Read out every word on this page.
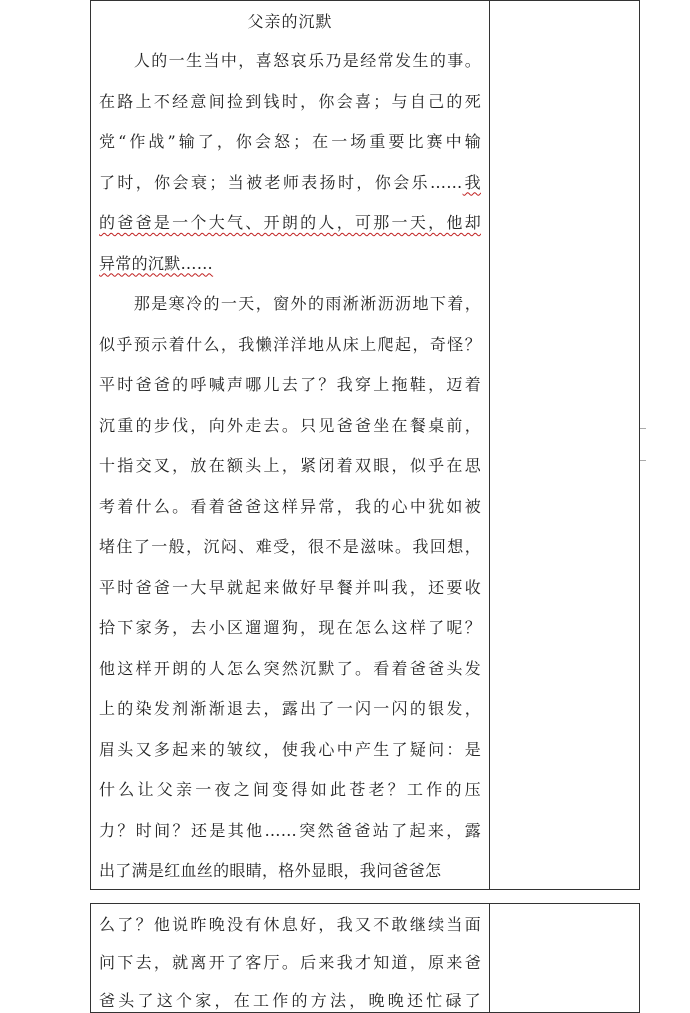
父亲的沉默
　　人的一生当中，喜怒哀乐乃是经常发生的事。
在路上不经意间捡到钱时，你会喜；与自己的死
党“作战”输了，你会怒；在一场重要比赛中输
了时，你会衰；当被老师表扬时，你会乐……我
的爸爸是一个大气、开朗的人，可那一天，他却
异常的沉默……
　　那是寒冷的一天，窗外的雨淅淅沥沥地下着，
似乎预示着什么，我懒洋洋地从床上爬起，奇怪？
平时爸爸的呼喊声哪儿去了？我穿上拖鞋，迈着
沉重的步伐，向外走去。只见爸爸坐在餐桌前，
十指交叉，放在额头上，紧闭着双眼，似乎在思
考着什么。看着爸爸这样异常，我的心中犹如被
堵住了一般，沉闷、难受，很不是滋味。我回想，
平时爸爸一大早就起来做好早餐并叫我，还要收
拾下家务，去小区遛遛狗，现在怎么这样了呢？
他这样开朗的人怎么突然沉默了。看着爸爸头发
上的染发剂渐渐退去，露出了一闪一闪的银发，
眉头又多起来的皱纹，使我心中产生了疑问：是
什么让父亲一夜之间变得如此苍老？工作的压
力？时间？还是其他……突然爸爸站了起来，露
出了满是红血丝的眼睛，格外显眼，我问爸爸怎
么了？他说昨晚没有休息好，我又不敢继续当面
问下去，就离开了客厅。后来我才知道，原来爸
爸头了这个家，在工作的方法，晚晚还忙碌了
